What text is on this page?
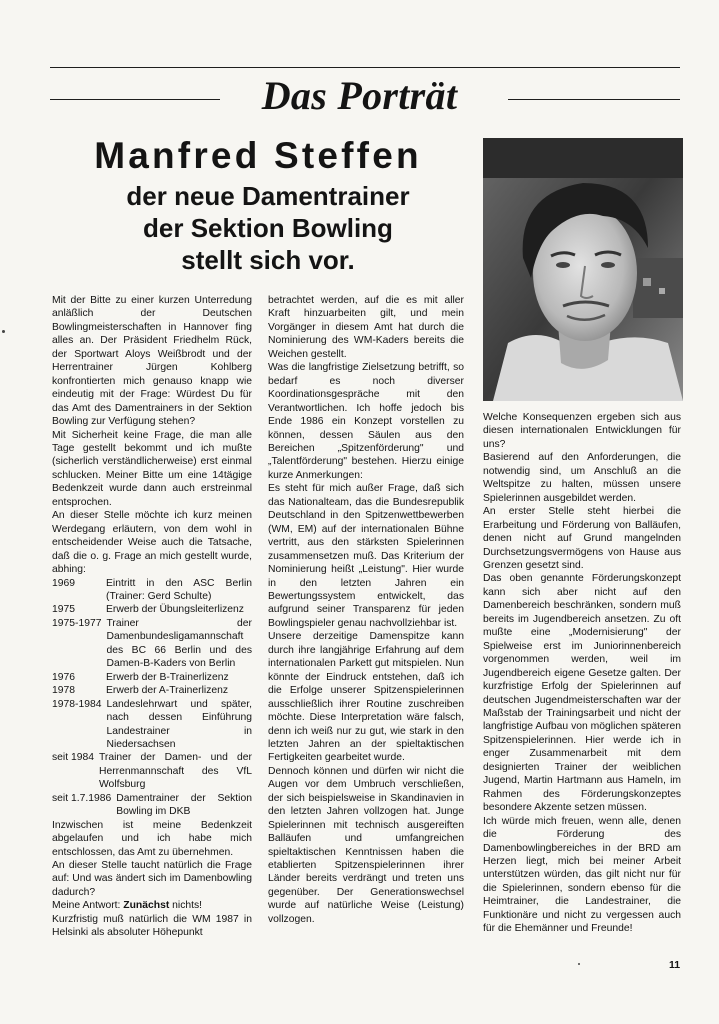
Das Porträt
Manfred Steffen
der neue Damentrainer
der Sektion Bowling
stellt sich vor.

Mit der Bitte zu einer kurzen Unterredung anläßlich der Deutschen Bowlingmeisterschaften in Hannover fing alles an. Der Präsident Friedhelm Rück, der Sportwart Aloys Weißbrodt und der Herrentrainer Jürgen Kohlberg konfrontierten mich genauso knapp wie eindeutig mit der Frage: Würdest Du für das Amt des Damentrainers in der Sektion Bowling zur Verfügung stehen?

Mit Sicherheit keine Frage, die man alle Tage gestellt bekommt und ich mußte (sicherlich verständlicherweise) erst einmal schlucken. Meiner Bitte um eine 14tägige Bedenkzeit wurde dann auch erstreinmal entsprochen.

An dieser Stelle möchte ich kurz meinen Werdegang erläutern, von dem wohl in entscheidender Weise auch die Tatsache, daß die o. g. Frage an mich gestellt wurde, abhing:

1969	Eintritt in den ASC Berlin (Trainer: Gerd Schulte)
1975	Erwerb der Übungsleiterlizenz
1975-1977 Trainer der Damenbundesligamannschaft des BC 66 Berlin und des Damen-B-Kaders von Berlin
1976	Erwerb der B-Trainerlizenz
1978	Erwerb der A-Trainerlizenz
1978-1984 Landeslehrwart und später, nach dessen Einführung Landestrainer in Niedersachsen
seit 1984 Trainer der Damen- und der Herrenmannschaft des VfL Wolfsburg
seit 1.7.1986 Damentrainer der Sektion Bowling im DKB

Inzwischen ist meine Bedenkzeit abgelaufen und ich habe mich entschlossen, das Amt zu übernehmen.

An dieser Stelle taucht natürlich die Frage auf: Und was ändert sich im Damenbowling dadurch?

Meine Antwort: Zunächst nichts!

Kurzfristig muß natürlich die WM 1987 in Helsinki als absoluter Höhepunkt

betrachtet werden, auf die es mit aller Kraft hinzuarbeiten gilt, und mein Vorgänger in diesem Amt hat durch die Nominierung des WM-Kaders bereits die Weichen gestellt.

Was die langfristige Zielsetzung betrifft, so bedarf es noch diverser Koordinationsgespräche mit den Verantwortlichen. Ich hoffe jedoch bis Ende 1986 ein Konzept vorstellen zu können, dessen Säulen aus den Bereichen „Spitzenförderung" und „Talentförderung" bestehen. Hierzu einige kurze Anmerkungen:

Es steht für mich außer Frage, daß sich das Nationalteam, das die Bundesrepublik Deutschland in den Spitzenwettbewerben (WM, EM) auf der internationalen Bühne vertritt, aus den stärksten Spielerinnen zusammensetzen muß. Das Kriterium der Nominierung heißt „Leistung". Hier wurde in den letzten Jahren ein Bewertungssystem entwickelt, das aufgrund seiner Transparenz für jeden Bowlingspieler genau nachvollziehbar ist.

Unsere derzeitige Damenspitze kann durch ihre langjährige Erfahrung auf dem internationalen Parkett gut mitspielen. Nun könnte der Eindruck entstehen, daß ich die Erfolge unserer Spitzenspielerinnen ausschließlich ihrer Routine zuschreiben möchte. Diese Interpretation wäre falsch, denn ich weiß nur zu gut, wie stark in den letzten Jahren an der spieltaktischen Fertigkeiten gearbeitet wurde.

Dennoch können und dürfen wir nicht die Augen vor dem Umbruch verschließen, der sich beispielsweise in Skandinavien in den letzten Jahren vollzogen hat. Junge Spielerinnen mit technisch ausgereiften Balläufen und umfangreichen spieltaktischen Kenntnissen haben die etablierten Spitzenspielerinnen ihrer Länder bereits verdrängt und treten uns gegenüber. Der Generationswechsel wurde auf natürliche Weise (Leistung) vollzogen.

Welche Konsequenzen ergeben sich aus diesen internationalen Entwicklungen für uns?

Basierend auf den Anforderungen, die notwendig sind, um Anschluß an die Weltspitze zu halten, müssen unsere Spielerinnen ausgebildet werden.

An erster Stelle steht hierbei die Erarbeitung und Förderung von Balläufen, denen nicht auf Grund mangelnden Durchsetzungsvermögens von Hause aus Grenzen gesetzt sind.

Das oben genannte Förderungskonzept kann sich aber nicht auf den Damenbereich beschränken, sondern muß bereits im Jugendbereich ansetzen. Zu oft mußte eine „Modernisierung" der Spielweise erst im Juniorinnenbereich vorgenommen werden, weil im Jugendbereich eigene Gesetze galten. Der kurzfristige Erfolg der Spielerinnen auf deutschen Jugendmeisterschaften war der Maßstab der Trainingsarbeit und nicht der langfristige Aufbau von möglichen späteren Spitzenspielerinnen. Hier werde ich in enger Zusammenarbeit mit dem designierten Trainer der weiblichen Jugend, Martin Hartmann aus Hameln, im Rahmen des Förderungskonzeptes besondere Akzente setzen müssen.

Ich würde mich freuen, wenn alle, denen die Förderung des Damenbowlingbereiches in der BRD am Herzen liegt, mich bei meiner Arbeit unterstützen würden, das gilt nicht nur für die Spielerinnen, sondern ebenso für die Heimtrainer, die Landestrainer, die Funktionäre und nicht zu vergessen auch für die Ehemänner und Freunde!

11
